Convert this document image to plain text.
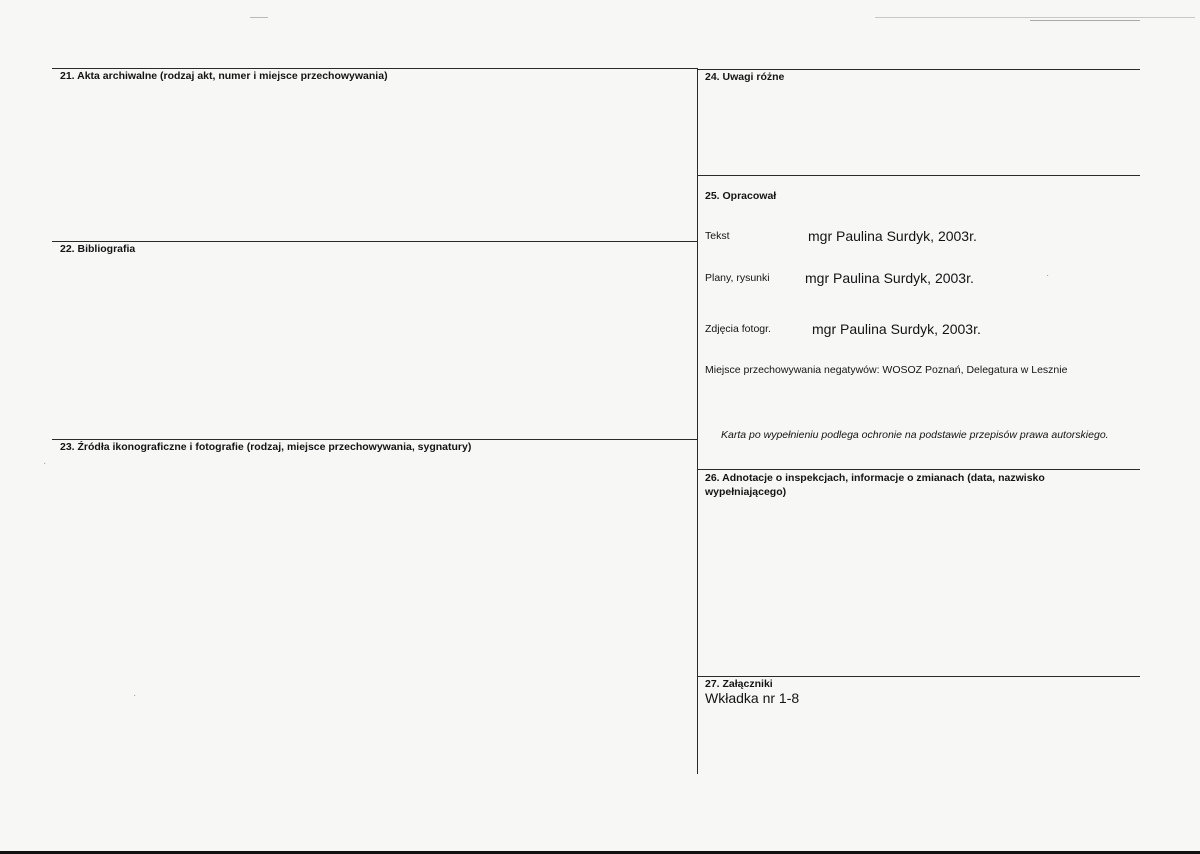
21. Akta archiwalne (rodzaj akt, numer i miejsce przechowywania)
22. Bibliografia
23. Źródła ikonograficzne i fotografie (rodzaj, miejsce przechowywania, sygnatury)
24. Uwagi różne
25. Opracował
Tekst	mgr Paulina Surdyk, 2003r.
Plany, rysunki	mgr Paulina Surdyk, 2003r.
Zdjęcia fotogr.	mgr Paulina Surdyk, 2003r.
Miejsce przechowywania negatywów: WOSOZ Poznań, Delegatura w Lesznie
Karta po wypełnieniu podlega ochronie na podstawie przepisów prawa autorskiego.
26. Adnotacje o inspekcjach, informacje o zmianach (data, nazwisko
wypełniającego)
27. Załączniki
Wkładka nr 1-8
·
·
·
